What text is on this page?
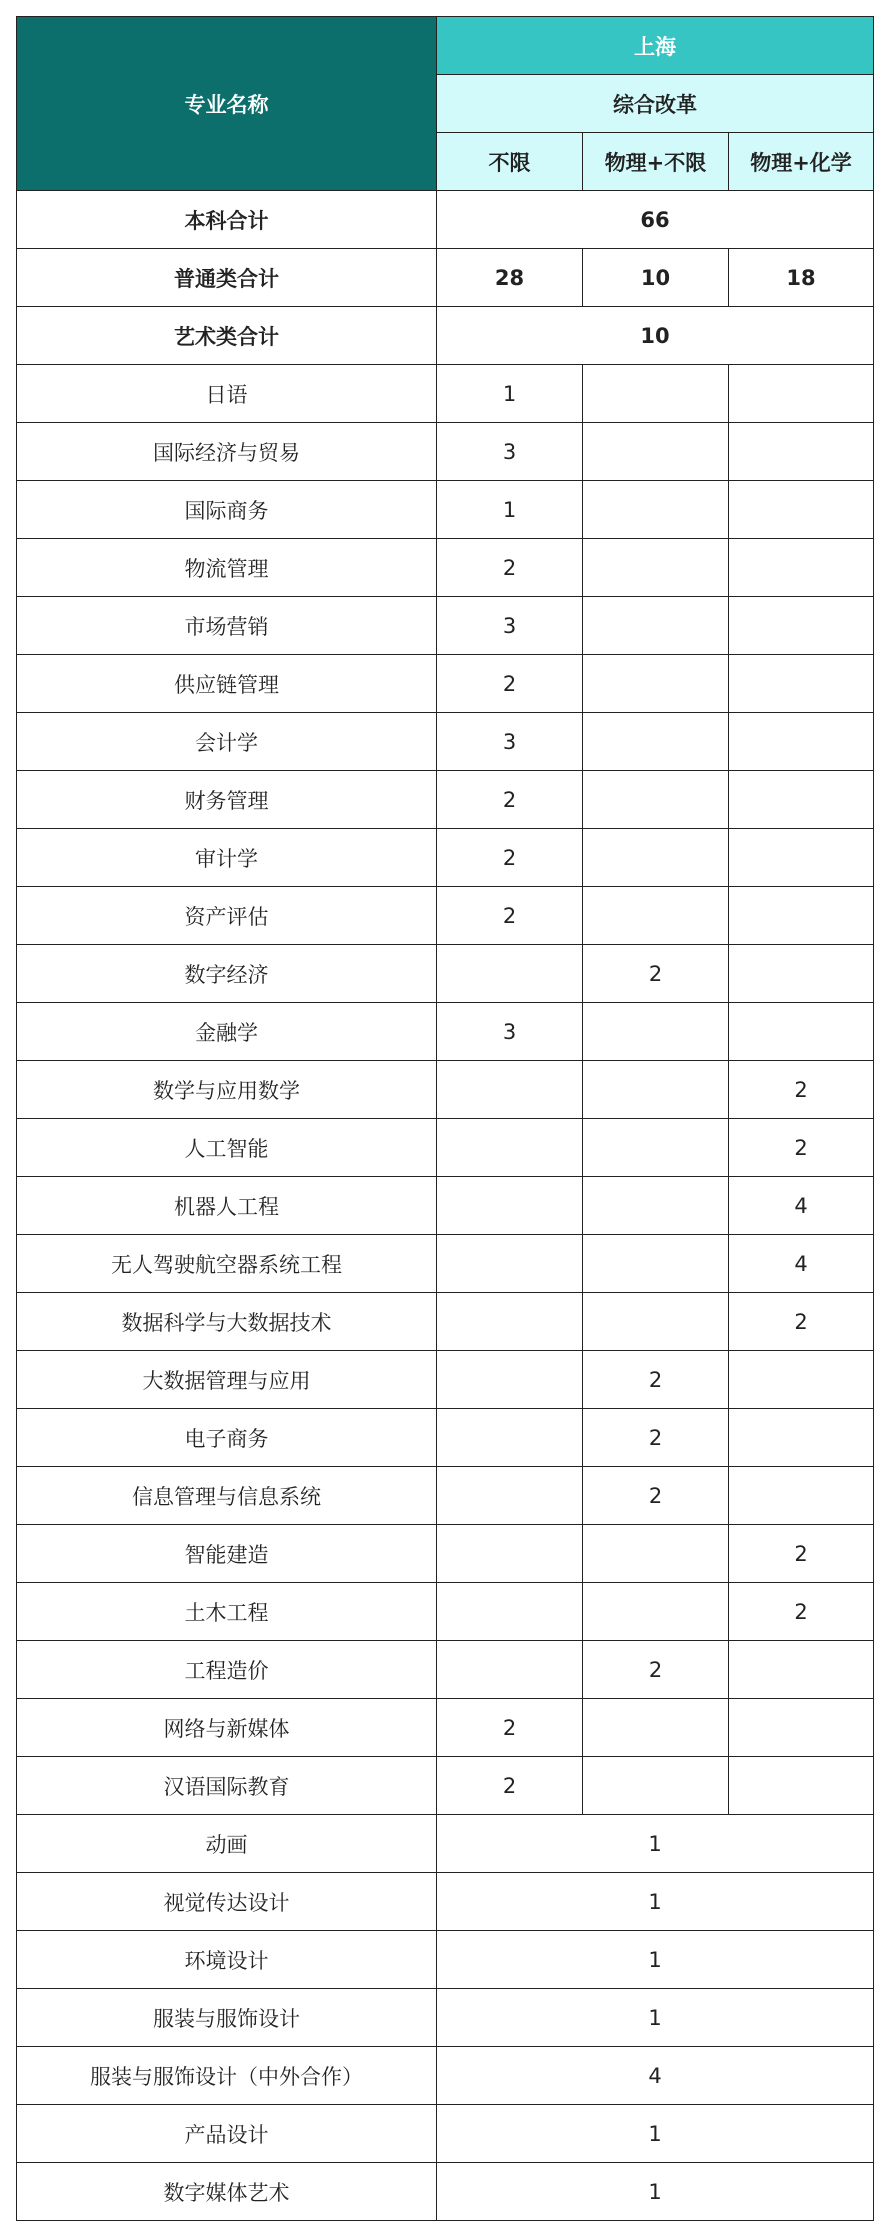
专业名称	上海		
	综合改革		
	不限	物理+不限	物理+化学
本科合计	66		
普通类合计	28	10	18
艺术类合计	10		
日语	1		
国际经济与贸易	3		
国际商务	1		
物流管理	2		
市场营销	3		
供应链管理	2		
会计学	3		
财务管理	2		
审计学	2		
资产评估	2		
数字经济		2	
金融学	3		
数学与应用数学			2
人工智能			2
机器人工程			4
无人驾驶航空器系统工程			4
数据科学与大数据技术			2
大数据管理与应用		2	
电子商务		2	
信息管理与信息系统		2	
智能建造			2
土木工程			2
工程造价		2	
网络与新媒体	2		
汉语国际教育	2		
动画	1		
视觉传达设计	1		
环境设计	1		
服装与服饰设计	1		
服装与服饰设计（中外合作）	4		
产品设计	1		
数字媒体艺术	1		
